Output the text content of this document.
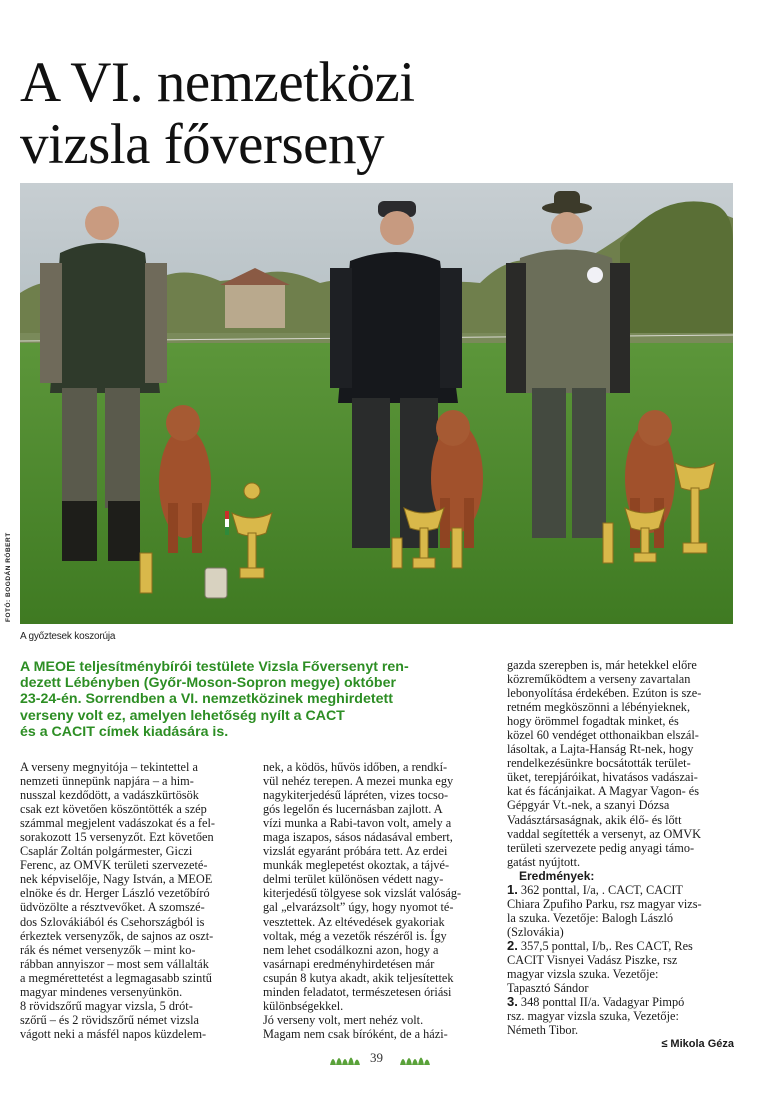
A VI. nemzetközi
vizsla főverseny
FOTÓ: BOGDÁN RÓBERT
A győztesek koszorúja
A MEOE teljesítménybírói testülete Vizsla Főversenyt ren-
dezett Lébényben (Győr-Moson-Sopron megye) október
23-24-én. Sorrendben a VI. nemzetközinek meghirdetett
verseny volt ez, amelyen lehetőség nyílt a CACT
és a CACIT címek kiadására is.
A verseny megnyitója – tekintettel a
nemzeti ünnepünk napjára – a him-
nusszal kezdődött, a vadászkürtösök
csak ezt követően köszöntötték a szép
számmal megjelent vadászokat és a fel-
sorakozott 15 versenyzőt. Ezt követően
Csaplár Zoltán polgármester, Giczi
Ferenc, az OMVK területi szervezeté-
nek képviselője, Nagy István, a MEOE
elnöke és dr. Herger László vezetőbíró
üdvözölte a résztvevőket. A szomszé-
dos Szlovákiából és Csehországból is
érkeztek versenyzők, de sajnos az oszt-
rák és német versenyzők – mint ko-
rábban annyiszor – most sem vállalták
a megmérettetést a legmagasabb szintű
magyar mindenes versenyünkön.
8 rövidszőrű magyar vizsla, 5 drót-
szőrű – és 2 rövidszőrű német vizsla
vágott neki a másfél napos küzdelem-
nek, a ködös, hűvös időben, a rendkí-
vül nehéz terepen. A mezei munka egy
nagykiterjedésű lápréten, vizes tocso-
gós legelőn és lucernásban zajlott. A
vízi munka a Rabi-tavon volt, amely a
maga iszapos, sásos nádasával embert,
vizslát egyaránt próbára tett. Az erdei
munkák meglepetést okoztak, a tájvé-
delmi terület különösen védett nagy-
kiterjedésű tölgyese sok vizslát valóság-
gal „elvarázsolt” úgy, hogy nyomot té-
vesztettek. Az eltévedések gyakoriak
voltak, még a vezetők részéről is. Így
nem lehet csodálkozni azon, hogy a
vasárnapi eredményhirdetésen már
csupán 8 kutya akadt, akik teljesítettek
minden feladatot, természetesen óriási
különbségekkel.
Jó verseny volt, mert nehéz volt.
Magam nem csak bíróként, de a házi-
gazda szerepben is, már hetekkel előre
közreműködtem a verseny zavartalan
lebonyolítása érdekében. Ezúton is sze-
retném megköszönni a lébényieknek,
hogy örömmel fogadtak minket, és
közel 60 vendéget otthonaikban elszál-
lásoltak, a Lajta-Hanság Rt-nek, hogy
rendelkezésünkre bocsátották terület-
üket, terepjáróikat, hivatásos vadászai-
kat és fácánjaikat. A Magyar Vagon- és
Gépgyár Vt.-nek, a szanyi Dózsa
Vadásztársaságnak, akik élő- és lőtt
vaddal segítették a versenyt, az OMVK
területi szervezete pedig anyagi támo-
gatást nyújtott.
Eredmények:
1. 362 ponttal, I/a, . CACT, CACIT
Chiara Zpufiho Parku, rsz magyar vizs-
la szuka. Vezetője: Balogh László
(Szlovákia)
2. 357,5 ponttal, I/b,. Res CACT, Res
CACIT Visnyei Vadász Piszke, rsz
magyar vizsla szuka. Vezetője:
Tapasztó Sándor
3. 348 ponttal II/a. Vadagyar Pimpó
rsz. magyar vizsla szuka, Vezetője:
Németh Tibor.
≤ Mikola Géza
39
